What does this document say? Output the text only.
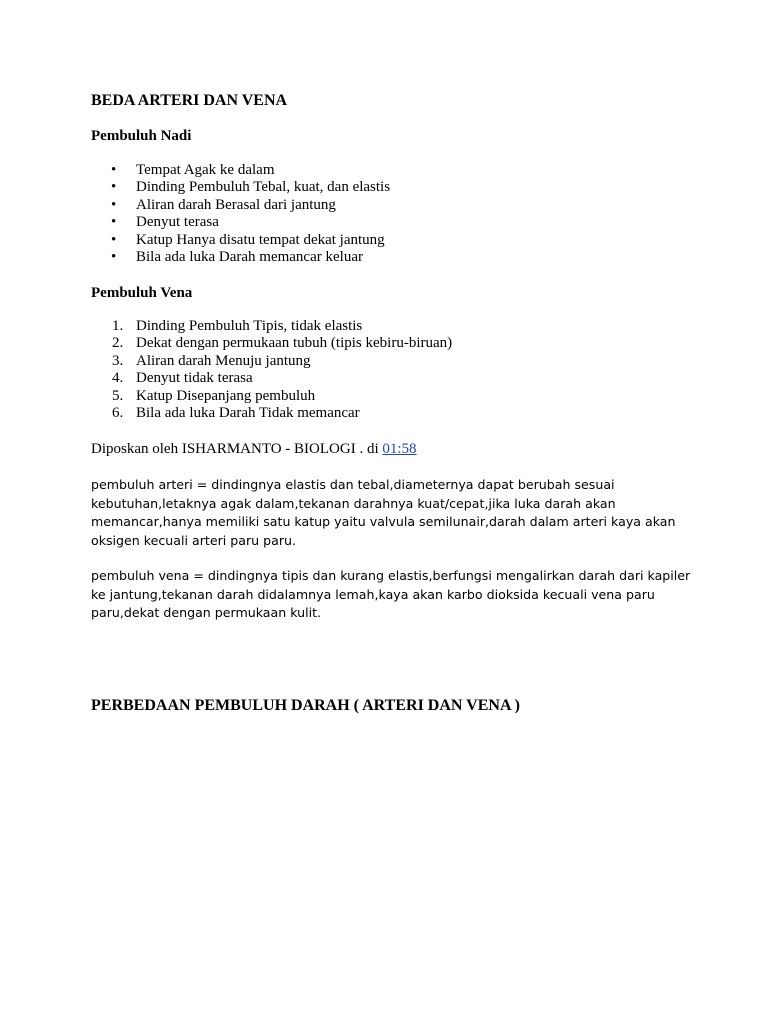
BEDA ARTERI DAN VENA
Pembuluh Nadi
• Tempat Agak ke dalam
• Dinding Pembuluh Tebal, kuat, dan elastis
• Aliran darah Berasal dari jantung
• Denyut terasa
• Katup Hanya disatu tempat dekat jantung
• Bila ada luka Darah memancar keluar
Pembuluh Vena
1. Dinding Pembuluh Tipis, tidak elastis
2. Dekat dengan permukaan tubuh (tipis kebiru-biruan)
3. Aliran darah Menuju jantung
4. Denyut tidak terasa
5. Katup Disepanjang pembuluh
6. Bila ada luka Darah Tidak memancar

Diposkan oleh ISHARMANTO - BIOLOGI . di 01:58

pembuluh arteri = dindingnya elastis dan tebal,diameternya dapat berubah sesuai
kebutuhan,letaknya agak dalam,tekanan darahnya kuat/cepat,jika luka darah akan
memancar,hanya memiliki satu katup yaitu valvula semilunair,darah dalam arteri kaya akan
oksigen kecuali arteri paru paru.

pembuluh vena = dindingnya tipis dan kurang elastis,berfungsi mengalirkan darah dari kapiler
ke jantung,tekanan darah didalamnya lemah,kaya akan karbo dioksida kecuali vena paru
paru,dekat dengan permukaan kulit.

PERBEDAAN PEMBULUH DARAH ( ARTERI DAN VENA )
